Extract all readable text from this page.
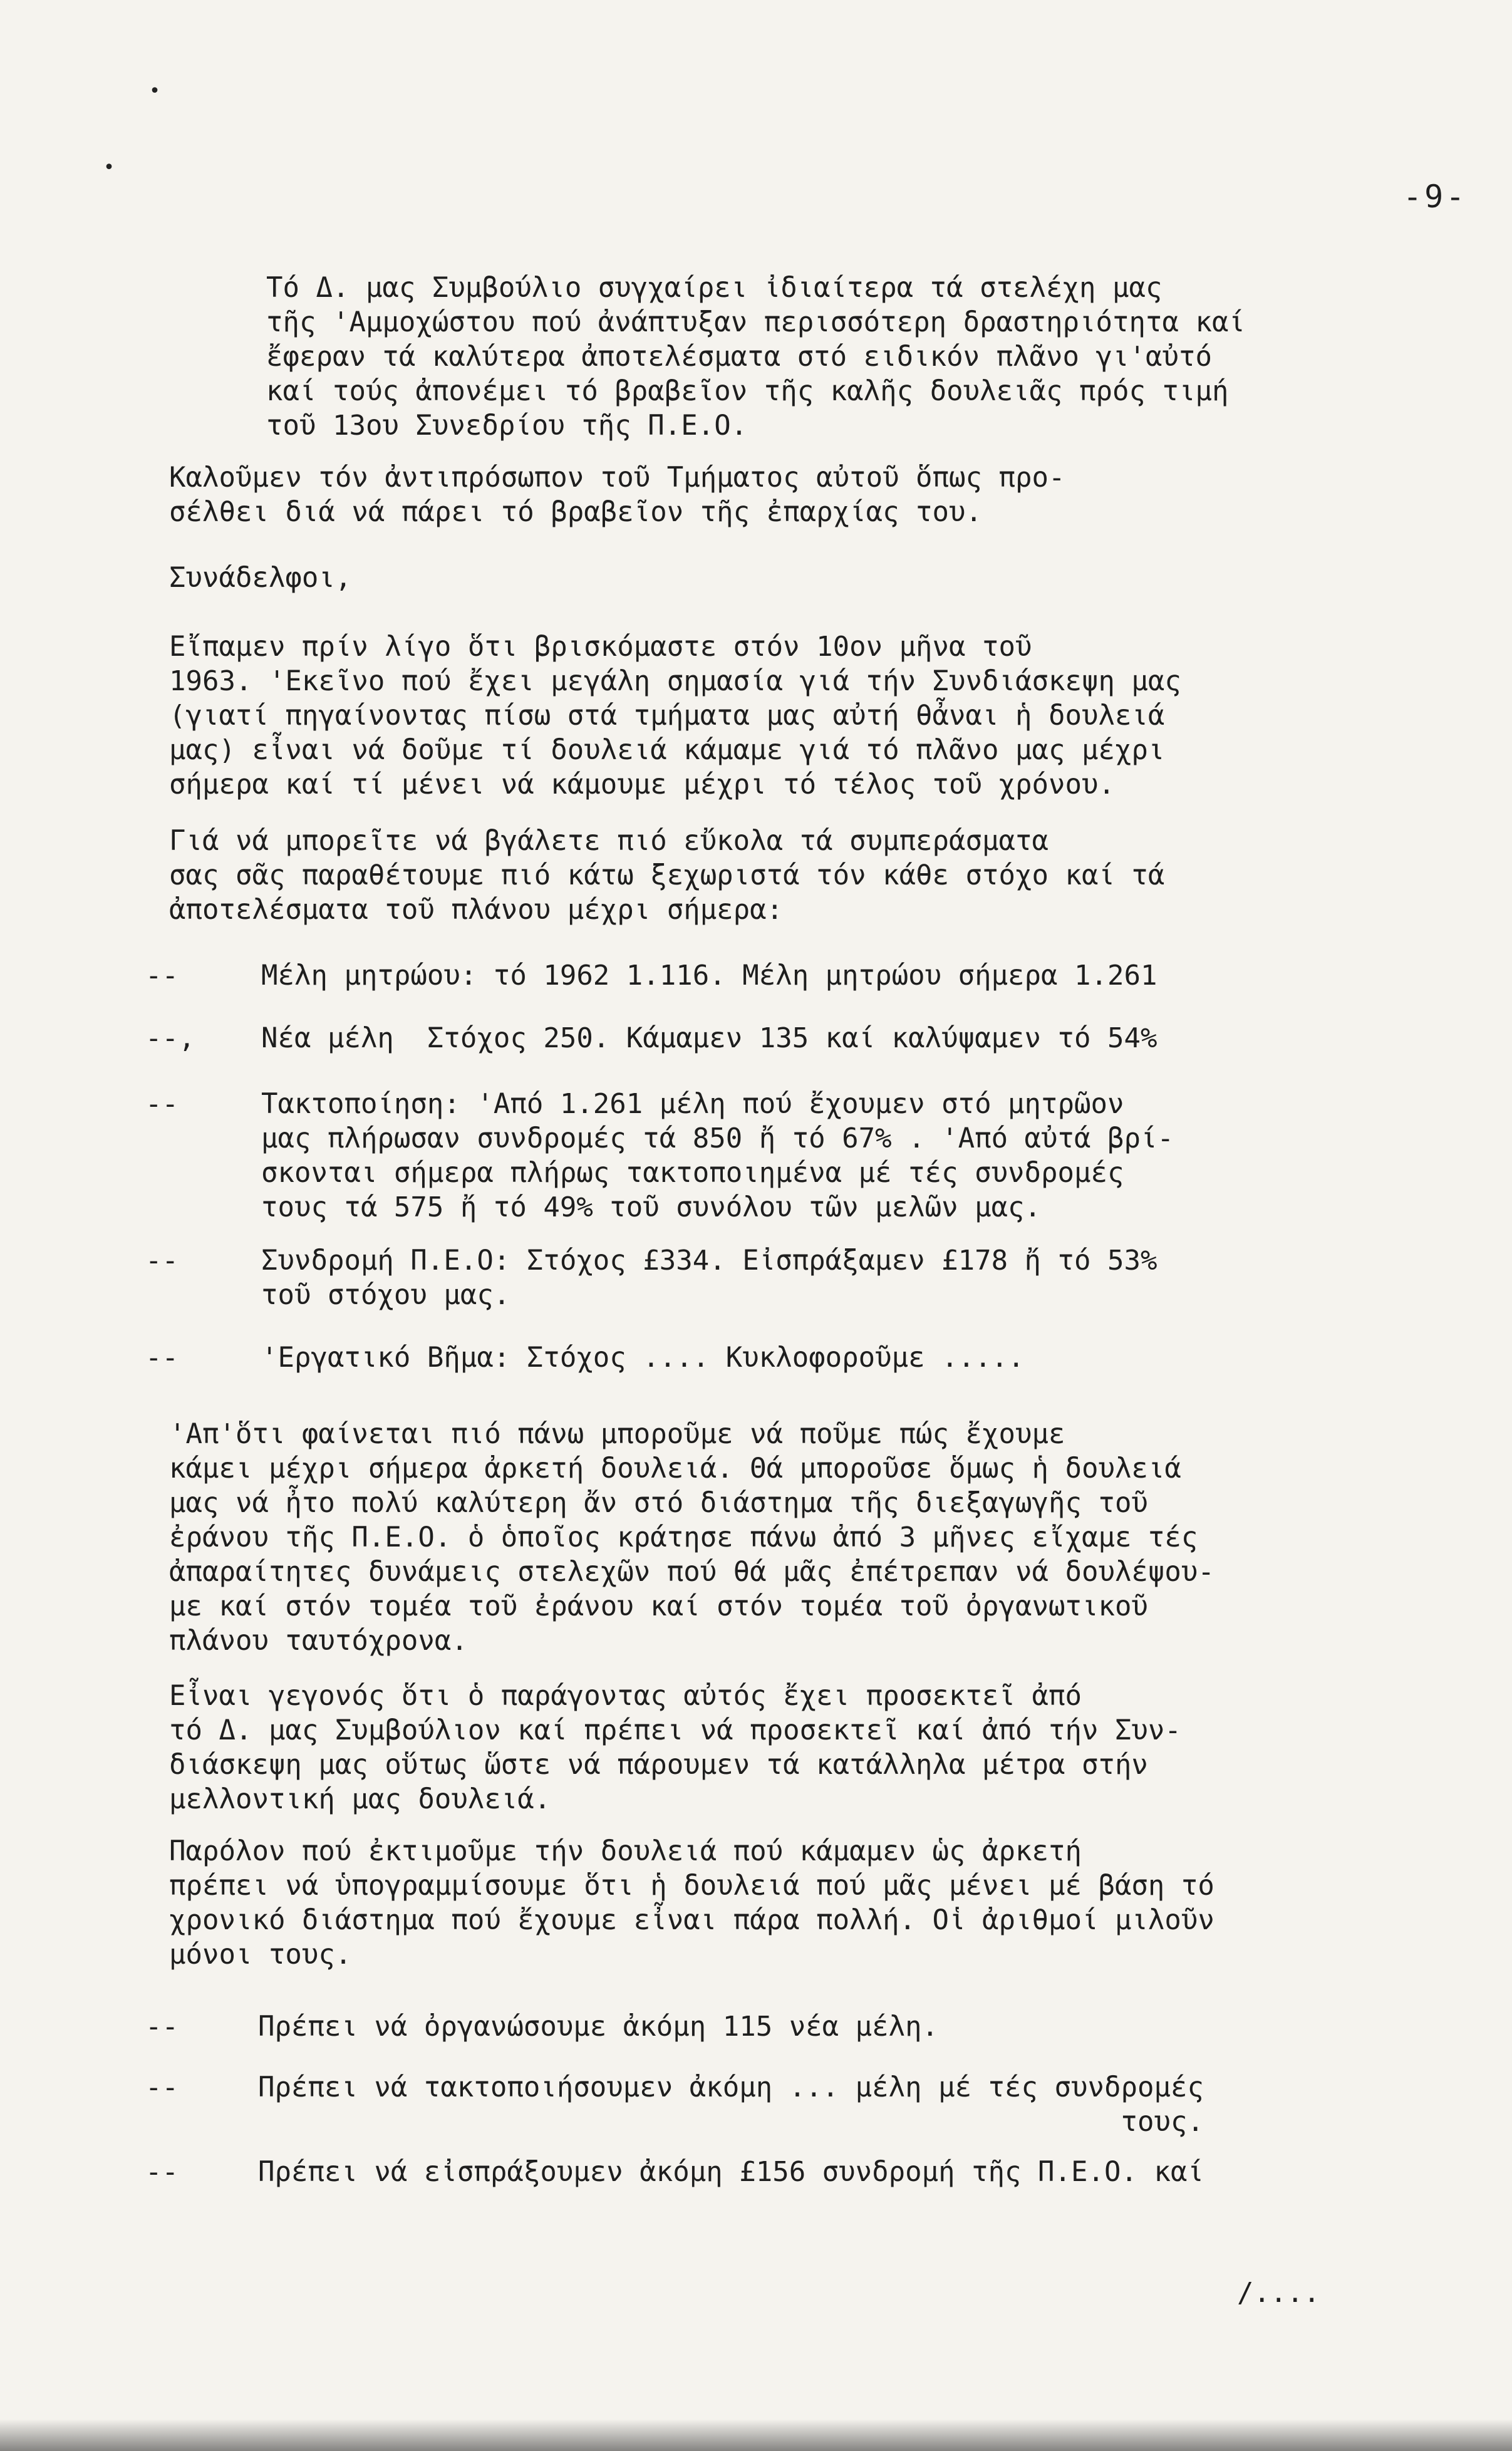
•
•
-9-

Τό Δ. μας Συμβούλιο συγχαίρει ἰδιαίτερα τά στελέχη μας
τῆς 'Αμμοχώστου πού ἀνάπτυξαν περισσότερη δραστηριότητα καί
ἔφεραν τά καλύτερα ἀποτελέσματα στό ειδικόν πλᾶνο γι'αὐτό
καί τούς ἀπονέμει τό βραβεῖον τῆς καλῆς δουλειᾶς πρός τιμή
τοῦ 13ου Συνεδρίου τῆς Π.Ε.Ο.

Καλοῦμεν τόν ἀντιπρόσωπον τοῦ Τμήματος αὐτοῦ ὅπως προ-
σέλθει διά νά πάρει τό βραβεῖον τῆς ἐπαρχίας του.

Συνάδελφοι,

Εἴπαμεν πρίν λίγο ὅτι βρισκόμαστε στόν 10ον μῆνα τοῦ
1963. 'Εκεῖνο πού ἔχει μεγάλη σημασία γιά τήν Συνδιάσκεψη μας
(γιατί πηγαίνοντας πίσω στά τμήματα μας αὐτή θἆναι ἡ δουλειά
μας) εἶναι νά δοῦμε τί δουλειά κάμαμε γιά τό πλᾶνο μας μέχρι
σήμερα καί τί μένει νά κάμουμε μέχρι τό τέλος τοῦ χρόνου.

Γιά νά μπορεῖτε νά βγάλετε πιό εὔκολα τά συμπεράσματα
σας σᾶς παραθέτουμε πιό κάτω ξεχωριστά τόν κάθε στόχο καί τά
ἀποτελέσματα τοῦ πλάνου μέχρι σήμερα:

--	Μέλη μητρώου: τό 1962 1.116. Μέλη μητρώου σήμερα 1.261

--, Νέα μέλη  Στόχος 250. Κάμαμεν 135 καί καλύψαμεν τό 54%

--	Τακτοποίηση: 'Από 1.261 μέλη πού ἔχουμεν στό μητρῶον
μας πλήρωσαν συνδρομές τά 850 ἤ τό 67% . 'Από αὐτά βρί-
σκονται σήμερα πλήρως τακτοποιημένα μέ τές συνδρομές
τους τά 575 ἤ τό 49% τοῦ συνόλου τῶν μελῶν μας.

--	Συνδρομή Π.Ε.Ο: Στόχος £334. Εἰσπράξαμεν £178 ἤ τό 53%
τοῦ στόχου μας.

--	'Εργατικό Βῆμα: Στόχος .... Κυκλοφοροῦμε .....

'Απ'ὅτι φαίνεται πιό πάνω μποροῦμε νά ποῦμε πώς ἔχουμε
κάμει μέχρι σήμερα ἀρκετή δουλειά. Θά μποροῦσε ὅμως ἡ δουλειά
μας νά ἦτο πολύ καλύτερη ἄν στό διάστημα τῆς διεξαγωγῆς τοῦ
ἐράνου τῆς Π.Ε.Ο. ὁ ὁποῖος κράτησε πάνω ἀπό 3 μῆνες εἴχαμε τές
ἀπαραίτητες δυνάμεις στελεχῶν πού θά μᾶς ἐπέτρεπαν νά δουλέψου-
με καί στόν τομέα τοῦ ἐράνου καί στόν τομέα τοῦ ὀργανωτικοῦ
πλάνου ταυτόχρονα.

Εἶναι γεγονός ὅτι ὁ παράγοντας αὐτός ἔχει προσεκτεῖ ἀπό
τό Δ. μας Συμβούλιον καί πρέπει νά προσεκτεῖ καί ἀπό τήν Συν-
διάσκεψη μας οὕτως ὥστε νά πάρουμεν τά κατάλληλα μέτρα στήν
μελλοντική μας δουλειά.

Παρόλον πού ἐκτιμοῦμε τήν δουλειά πού κάμαμεν ὡς ἀρκετή
πρέπει νά ὑπογραμμίσουμε ὅτι ἡ δουλειά πού μᾶς μένει μέ βάση τό
χρονικό διάστημα πού ἔχουμε εἶναι πάρα πολλή. Οἱ ἀριθμοί μιλοῦν
μόνοι τους.

--	Πρέπει νά ὀργανώσουμε ἀκόμη 115 νέα μέλη.

--	Πρέπει νά τακτοποιήσουμεν ἀκόμη ... μέλη μέ τές συνδρομές
τους.

--	Πρέπει νά εἰσπράξουμεν ἀκόμη £156 συνδρομή τῆς Π.Ε.Ο. καί

/....
